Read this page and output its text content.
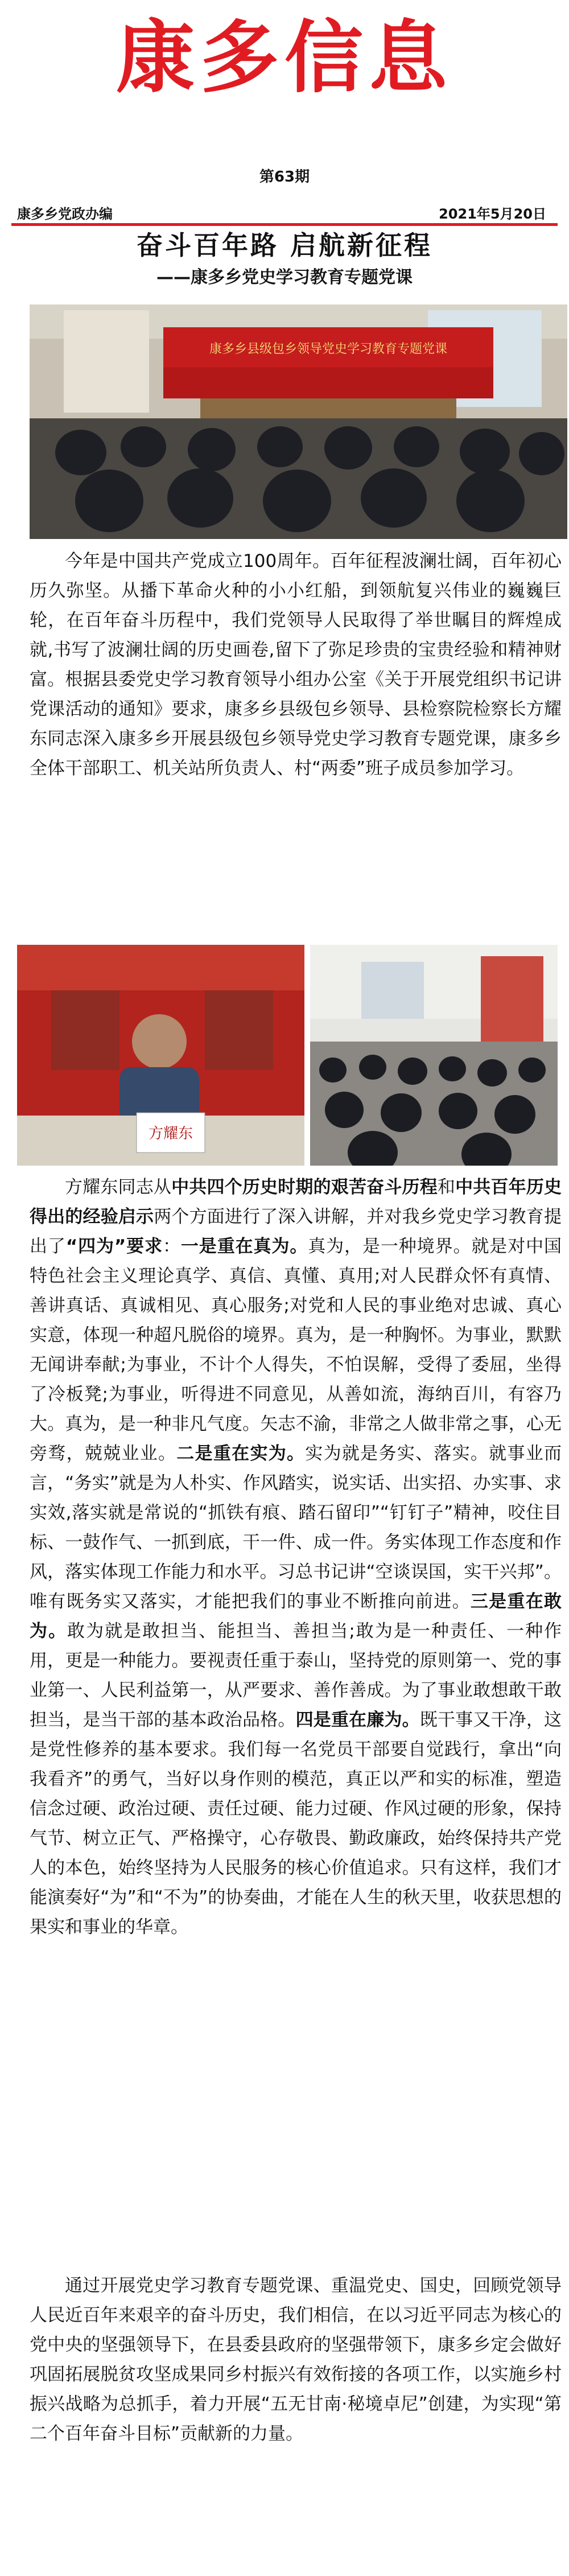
康多信息
第63期
康多乡党政办编	2021年5月20日
奋斗百年路 启航新征程
——康多乡党史学习教育专题党课
康多乡县级包乡领导党史学习教育专题党课

今年是中国共产党成立100周年。百年征程波澜壮阔，百年初心历久弥坚。从播下革命火种的小小红船，到领航复兴伟业的巍巍巨轮，在百年奋斗历程中，我们党领导人民取得了举世瞩目的辉煌成就,书写了波澜壮阔的历史画卷,留下了弥足珍贵的宝贵经验和精神财富。根据县委党史学习教育领导小组办公室《关于开展党组织书记讲党课活动的通知》要求，康多乡县级包乡领导、县检察院检察长方耀东同志深入康多乡开展县级包乡领导党史学习教育专题党课，康多乡全体干部职工、机关站所负责人、村“两委”班子成员参加学习。

方耀东

方耀东同志从中共四个历史时期的艰苦奋斗历程和中共百年历史得出的经验启示两个方面进行了深入讲解，并对我乡党史学习教育提出了“四为”要求：一是重在真为。真为，是一种境界。就是对中国特色社会主义理论真学、真信、真懂、真用;对人民群众怀有真情、善讲真话、真诚相见、真心服务;对党和人民的事业绝对忠诚、真心实意，体现一种超凡脱俗的境界。真为，是一种胸怀。为事业，默默无闻讲奉献;为事业，不计个人得失，不怕误解，受得了委屈，坐得了冷板凳;为事业，听得进不同意见，从善如流，海纳百川，有容乃大。真为，是一种非凡气度。矢志不渝，非常之人做非常之事，心无旁骛，兢兢业业。二是重在实为。实为就是务实、落实。就事业而言，“务实”就是为人朴实、作风踏实，说实话、出实招、办实事、求实效,落实就是常说的“抓铁有痕、踏石留印”“钉钉子”精神，咬住目标、一鼓作气、一抓到底，干一件、成一件。务实体现工作态度和作风，落实体现工作能力和水平。习总书记讲“空谈误国，实干兴邦”。唯有既务实又落实，才能把我们的事业不断推向前进。三是重在敢为。敢为就是敢担当、能担当、善担当;敢为是一种责任、一种作用，更是一种能力。要视责任重于泰山，坚持党的原则第一、党的事业第一、人民利益第一，从严要求、善作善成。为了事业敢想敢干敢担当，是当干部的基本政治品格。四是重在廉为。既干事又干净，这是党性修养的基本要求。我们每一名党员干部要自觉践行，拿出“向我看齐”的勇气，当好以身作则的模范，真正以严和实的标准，塑造信念过硬、政治过硬、责任过硬、能力过硬、作风过硬的形象，保持气节、树立正气、严格操守，心存敬畏、勤政廉政，始终保持共产党人的本色，始终坚持为人民服务的核心价值追求。只有这样，我们才能演奏好“为”和“不为”的协奏曲，才能在人生的秋天里，收获思想的果实和事业的华章。

通过开展党史学习教育专题党课、重温党史、国史，回顾党领导人民近百年来艰辛的奋斗历史，我们相信，在以习近平同志为核心的党中央的坚强领导下，在县委县政府的坚强带领下，康多乡定会做好巩固拓展脱贫攻坚成果同乡村振兴有效衔接的各项工作，以实施乡村振兴战略为总抓手，着力开展“五无甘南·秘境卓尼”创建，为实现“第二个百年奋斗目标”贡献新的力量。
